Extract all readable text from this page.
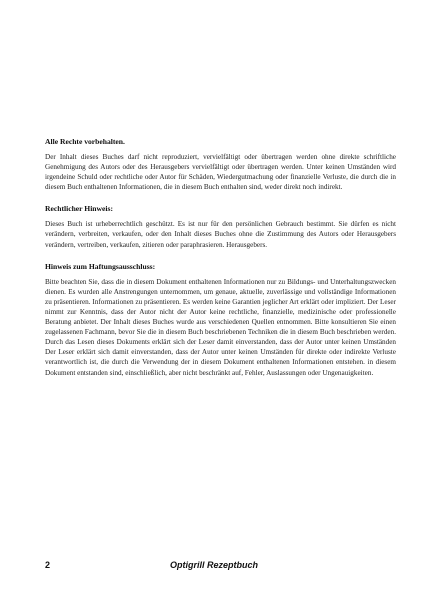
Alle Rechte vorbehalten.

Der Inhalt dieses Buches darf nicht reproduziert, vervielfältigt oder übertragen werden ohne direkte schriftliche Genehmigung des Autors oder des Herausgebers vervielfältigt oder übertragen werden. Unter keinen Umständen wird irgendeine Schuld oder rechtliche oder Autor für Schäden, Wiedergutmachung oder finanzielle Verluste, die durch die in diesem Buch enthaltenen Informationen, die in diesem Buch enthalten sind, weder direkt noch indirekt.

Rechtlicher Hinweis:

Dieses Buch ist urheberrechtlich geschützt. Es ist nur für den persönlichen Gebrauch bestimmt. Sie dürfen es nicht verändern, verbreiten, verkaufen, oder den Inhalt dieses Buches ohne die Zustimmung des Autors oder Herausgebers verändern, vertreiben, verkaufen, zitieren oder paraphrasieren. Herausgebers.

Hinweis zum Haftungsausschluss:

Bitte beachten Sie, dass die in diesem Dokument enthaltenen Informationen nur zu Bildungs- und Unterhaltungszwecken dienen. Es wurden alle Anstrengungen unternommen, um genaue, aktuelle, zuverlässige und vollständige Informationen zu präsentieren. Informationen zu präsentieren. Es werden keine Garantien jeglicher Art erklärt oder impliziert. Der Leser nimmt zur Kenntnis, dass der Autor nicht der Autor keine rechtliche, finanzielle, medizinische oder professionelle Beratung anbietet. Der Inhalt dieses Buches wurde aus verschiedenen Quellen entnommen. Bitte konsultieren Sie einen zugelassenen Fachmann, bevor Sie die in diesem Buch beschriebenen Techniken die in diesem Buch beschrieben werden. Durch das Lesen dieses Dokuments erklärt sich der Leser damit einverstanden, dass der Autor unter keinen Umständen Der Leser erklärt sich damit einverstanden, dass der Autor unter keinen Umständen für direkte oder indirekte Verluste verantwortlich ist, die durch die Verwendung der in diesem Dokument enthaltenen Informationen entstehen. in diesem Dokument entstanden sind, einschließlich, aber nicht beschränkt auf, Fehler, Auslassungen oder Ungenauigkeiten.

2	Optigrill Rezeptbuch
